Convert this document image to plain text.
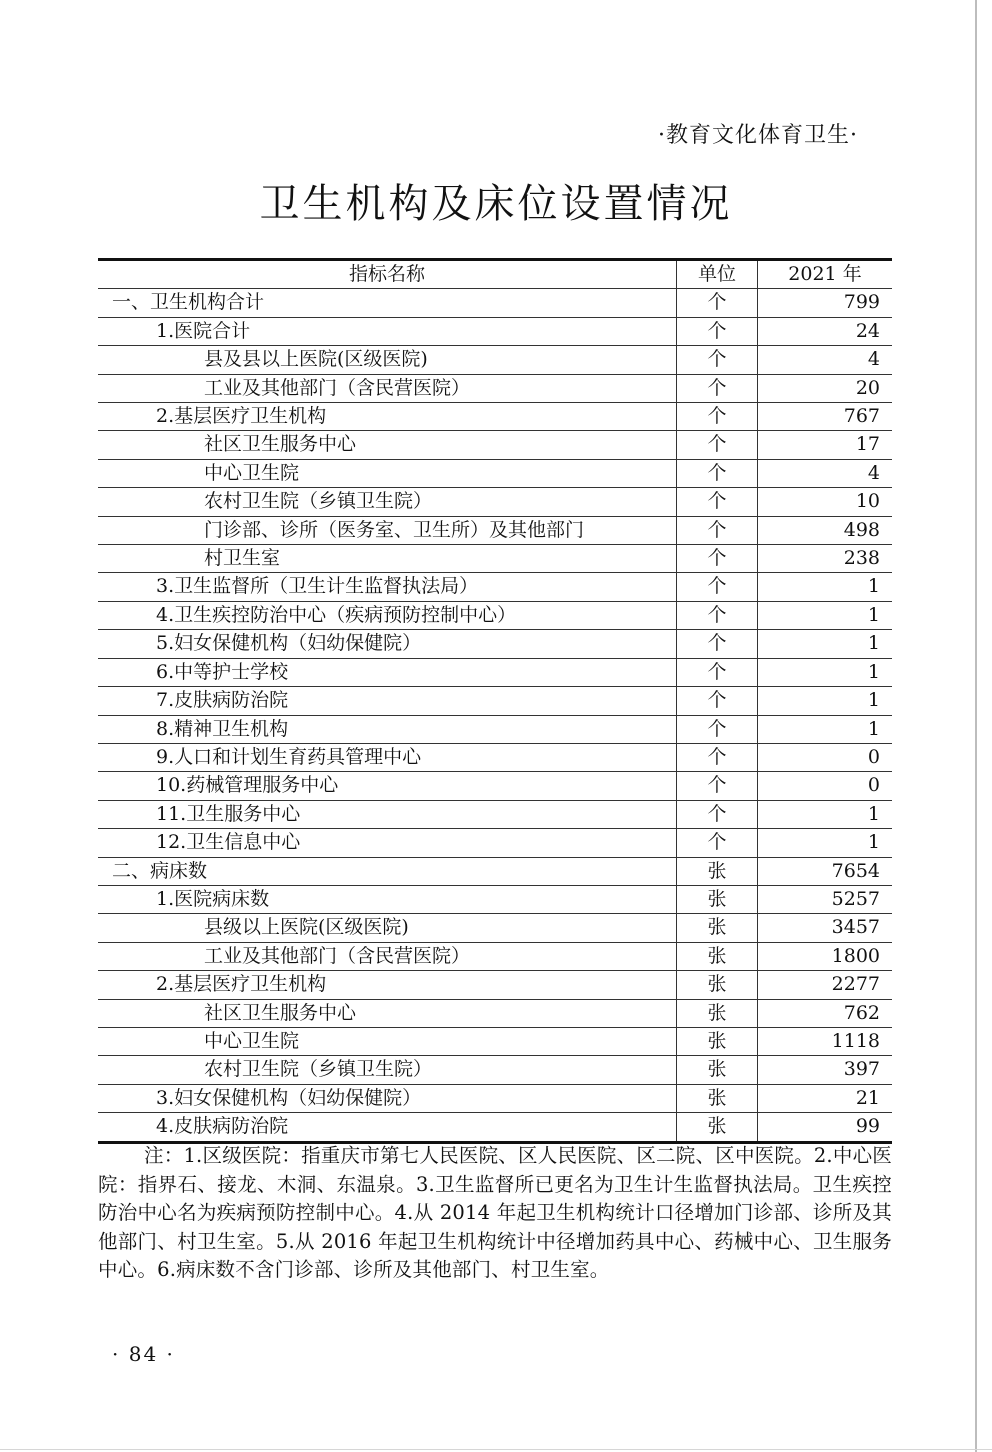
·教育文化体育卫生·
卫生机构及床位设置情况
指标名称	单位	2021 年
一、卫生机构合计	个	799
1.医院合计	个	24
县及县以上医院(区级医院)	个	4
工业及其他部门（含民营医院）	个	20
2.基层医疗卫生机构	个	767
社区卫生服务中心	个	17
中心卫生院	个	4
农村卫生院（乡镇卫生院）	个	10
门诊部、诊所（医务室、卫生所）及其他部门	个	498
村卫生室	个	238
3.卫生监督所（卫生计生监督执法局）	个	1
4.卫生疾控防治中心（疾病预防控制中心）	个	1
5.妇女保健机构（妇幼保健院）	个	1
6.中等护士学校	个	1
7.皮肤病防治院	个	1
8.精神卫生机构	个	1
9.人口和计划生育药具管理中心	个	0
10.药械管理服务中心	个	0
11.卫生服务中心	个	1
12.卫生信息中心	个	1
二、病床数	张	7654
1.医院病床数	张	5257
县级以上医院(区级医院)	张	3457
工业及其他部门（含民营医院）	张	1800
2.基层医疗卫生机构	张	2277
社区卫生服务中心	张	762
中心卫生院	张	1118
农村卫生院（乡镇卫生院）	张	397
3.妇女保健机构（妇幼保健院）	张	21
4.皮肤病防治院	张	99
注：1.区级医院：指重庆市第七人民医院、区人民医院、区二院、区中医院。2.中心医院：指界石、接龙、木洞、东温泉。3.卫生监督所已更名为卫生计生监督执法局。卫生疾控防治中心名为疾病预防控制中心。4.从 2014 年起卫生机构统计口径增加门诊部、诊所及其他部门、村卫生室。5.从 2016 年起卫生机构统计中径增加药具中心、药械中心、卫生服务中心。6.病床数不含门诊部、诊所及其他部门、村卫生室。
· 84 ·
